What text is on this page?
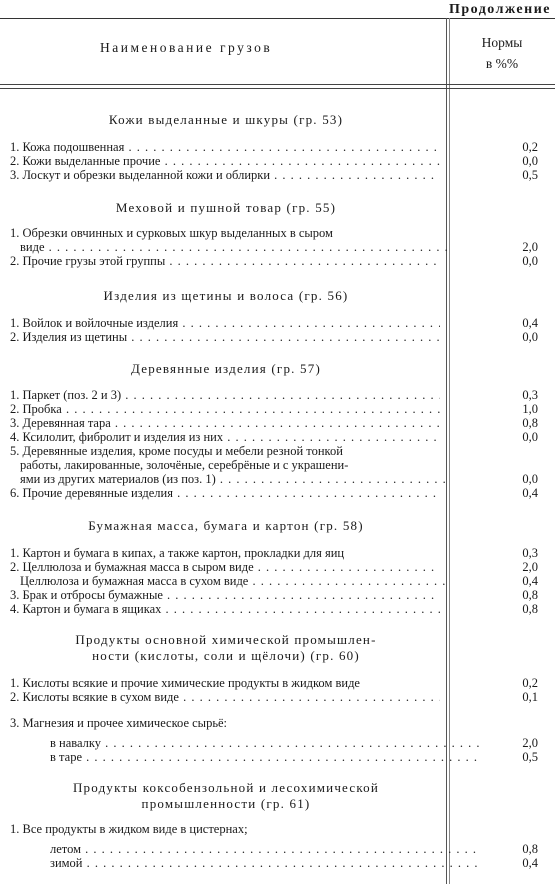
Продолжение
Наименование грузов	Нормы
в %%
Кожи выделанные и шкуры (гр. 53)
1. Кожа подошвенная . . .	0,2
2. Кожи выделанные прочие . . .	0,0
3. Лоскут и обрезки выделанной кожи и облирки . . .	0,5
Меховой и пушной товар (гр. 55)
1. Обрезки овчинных и сурковых шкур выделанных в сыром
виде . . .	2,0
2. Прочие грузы этой группы . . .	0,0
Изделия из щетины и волоса (гр. 56)
1. Войлок и войлочные изделия . . .	0,4
2. Изделия из щетины . . .	0,0
Деревянные изделия (гр. 57)
1. Паркет (поз. 2 и 3) . . .	0,3
2. Пробка . . .	1,0
3. Деревянная тара . . .	0,8
4. Ксилолит, фибролит и изделия из них . . .	0,0
5. Деревянные изделия, кроме посуды и мебели резной тонкой
работы, лакированные, золочёные, серебрёные и с украшени-
ями из других материалов (из поз. 1) . . .	0,0
6. Прочие деревянные изделия . . .	0,4
Бумажная масса, бумага и картон (гр. 58)
1. Картон и бумага в кипах, а также картон, прокладки для яиц	0,3
2. Целлюлоза и бумажная масса в сыром виде . . .	2,0
Целлюлоза и бумажная масса в сухом виде . . .	0,4
3. Брак и отбросы бумажные . . .	0,8
4. Картон и бумага в ящиках . . .	0,8
Продукты основной химической промышлен-
ности (кислоты, соли и щёлочи) (гр. 60)
1. Кислоты всякие и прочие химические продукты в жидком виде	0,2
2. Кислоты всякие в сухом виде . . .	0,1
3. Магнезия и прочее химическое сырьё:
в навалку . . .	2,0
в таре . . .	0,5
Продукты коксобензольной и лесохимической
промышленности (гр. 61)
1. Все продукты в жидком виде в цистернах;
летом . . .	0,8
зимой . . .	0,4
